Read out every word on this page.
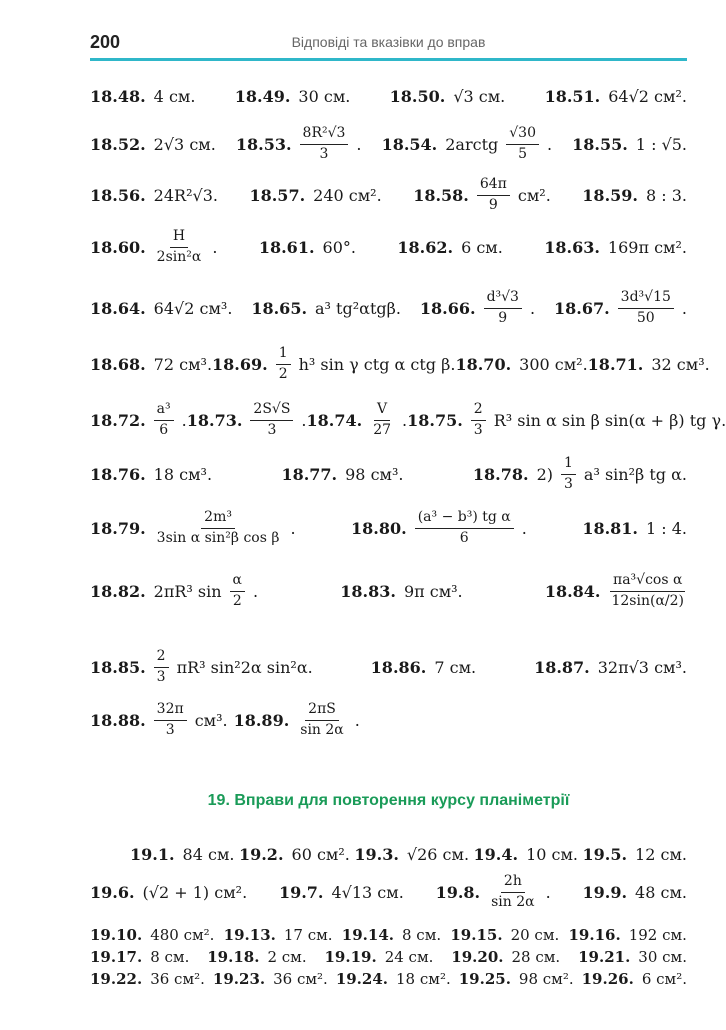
200	Відповіді та вказівки до вправ
18.48. 4 см. 18.49. 30 см. 18.50. √3 см. 18.51. 64√2 см².
18.52. 2√3 см. 18.53. $\frac{\text{8R²√3}}{3}$ . 18.54. 2arctg $\frac{√30}{5}$ . 18.55. 1 : √5.
18.56. 24R²√3. 18.57. 240 см². 18.58. $\frac{64\pi}{9} см^2$. 18.59. 8 : 3.
18.60. $\frac{H}{\text{2sin²α}}$ .	18.61. 60°.	18.62. 6 см.	18.63. 169π см².
18.64. 64√2 см³. 18.65. a³ tg²αtgβ. 18.66. $\frac{\text{d³√3}}{9}$ . 18.67. $\frac{\text{3d³√15}}{50}$ .
18.68. 72 см³. 18.69. $\frac{1}{2} h^3$ sin γ ctg α ctg β. 18.70. 300 см². 18.71. 32 см³.
18.72. $\frac{\text{a³}}{6}$ . 18.73. $\frac{2S√S}{3}$ . 18.74. $\frac{V}{27}$ . 18.75. $\frac{2}{3} R^3$ sin α sin β sin(α + β) tg γ.
18.76. 18 см³.	18.77. 98 см³.	18.78. $2) \frac{1}{3} a^3$ sin²β tg α.
18.79. $\frac{\text{2m³}}{\text{3sin α sin²β cos β}}$ .	18.80. $\frac{\text{(a³ − b³) tg α}}{6}$ .	18.81. 1 : 4.
18.82. 2πR³ $\sin \frac{\alpha}{2}$ .	18.83. 9π см³.	18.84. $\frac{\text{πa³√cos α}}{12\sin(\alpha/2)}$
18.85. $\frac{2}{3} \pi R^3$ sin²2α sin²α.	18.86. 7 см.	18.87. 32π√3 см³.
18.88. $\frac{32\pi}{3} см^3$. 18.89. $\frac{2\pi S}{\sin 2\alpha}$ .
19. Вправи для повторення курсу планіметрії
19.1. 84 см. 19.2. 60 см². 19.3. √26 см. 19.4. 10 см. 19.5. 12 см.
19.6. (√2 + 1) см². 19.7. 4√13 см. 19.8. $\frac{2h}{\sin 2\alpha}$ . 19.9. 48 см.
19.10. 480 см². 19.13. 17 см. 19.14. 8 см. 19.15. 20 см. 19.16. 192 см.
19.17. 8 см. 19.18. 2 см. 19.19. 24 см. 19.20. 28 см. 19.21. 30 см.
19.22. 36 см². 19.23. 36 см². 19.24. 18 см². 19.25. 98 см². 19.26. 6 см².
